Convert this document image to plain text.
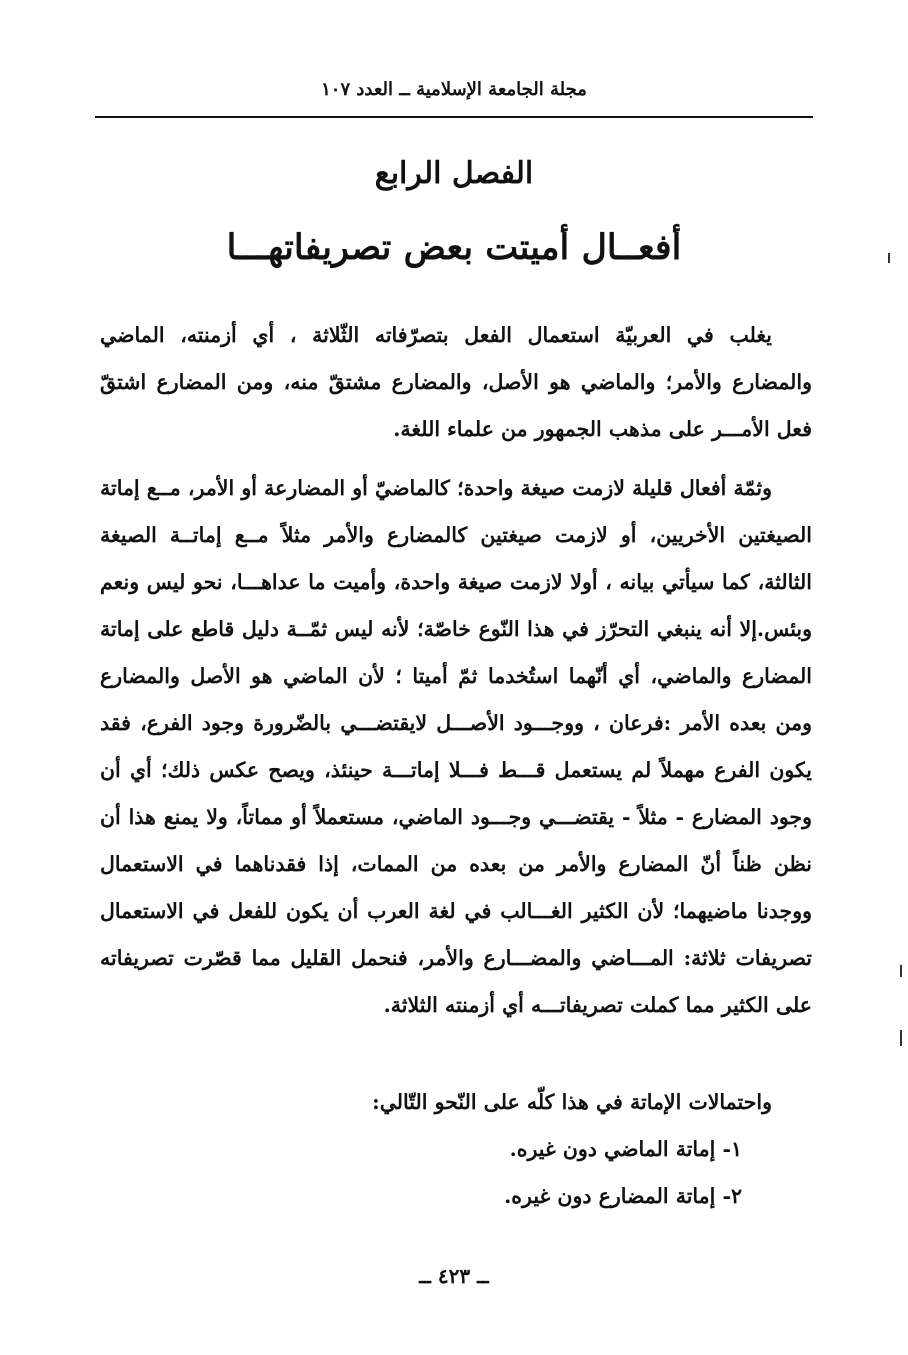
مجلة الجامعة الإسلامية ــ العدد ١٠٧
الفصل الرابع
أفعــال أميتت بعض تصريفاتهـــا

يغلب في العربيّة استعمال الفعل بتصرّفاته الثّلاثة ، أي أزمنته، الماضي والمضارع والأمر؛ والماضي هو الأصل، والمضارع مشتقّ منه، ومن المضارع اشتقّ فعل الأمـــر على مذهب الجمهور من علماء اللغة.

وثمّة أفعال قليلة لازمت صيغة واحدة؛ كالماضيّ أو المضارعة أو الأمر، مــع إماتة الصيغتين الأخريين، أو لازمت صيغتين كالمضارع والأمر مثلاً مــع إماتــة الصيغة الثالثة، كما سيأتي بيانه ، أولا لازمت صيغة واحدة، وأميت ما عداهـــا، نحو ليس ونعم وبئس.إلا أنه ينبغي التحرّز في هذا النّوع خاصّة؛ لأنه ليس ثمّــة دليل قاطع على إماتة المضارع والماضي، أي أنّهما استُخدما ثمّ أميتا ؛ لأن الماضي هو الأصل والمضارع ومن بعده الأمر :فرعان ، ووجـــود الأصـــل لايقتضـــي بالضّرورة وجود الفرع، فقد يكون الفرع مهملاً لم يستعمل قـــط فـــلا إماتـــة حينئذ، ويصح عكس ذلك؛ أي أن وجود المضارع - مثلاً - يقتضـــي وجـــود الماضي، مستعملاً أو مماتاً، ولا يمنع هذا أن نظن ظناً أنّ المضارع والأمر من بعده من الممات، إذا فقدناهما في الاستعمال ووجدنا ماضيهما؛ لأن الكثير الغـــالب في لغة العرب أن يكون للفعل في الاستعمال تصريفات ثلاثة: المـــاضي والمضـــارع والأمر، فنحمل القليل مما قصّرت تصريفاته على الكثير مما كملت تصريفاتـــه أي أزمنته الثلاثة.

واحتمالات الإماتة في هذا كلّه على النّحو التّالي:

١- إماتة الماضي دون غيره.

٢- إماتة المضارع دون غيره.

ــ ٤٢٣ ــ
